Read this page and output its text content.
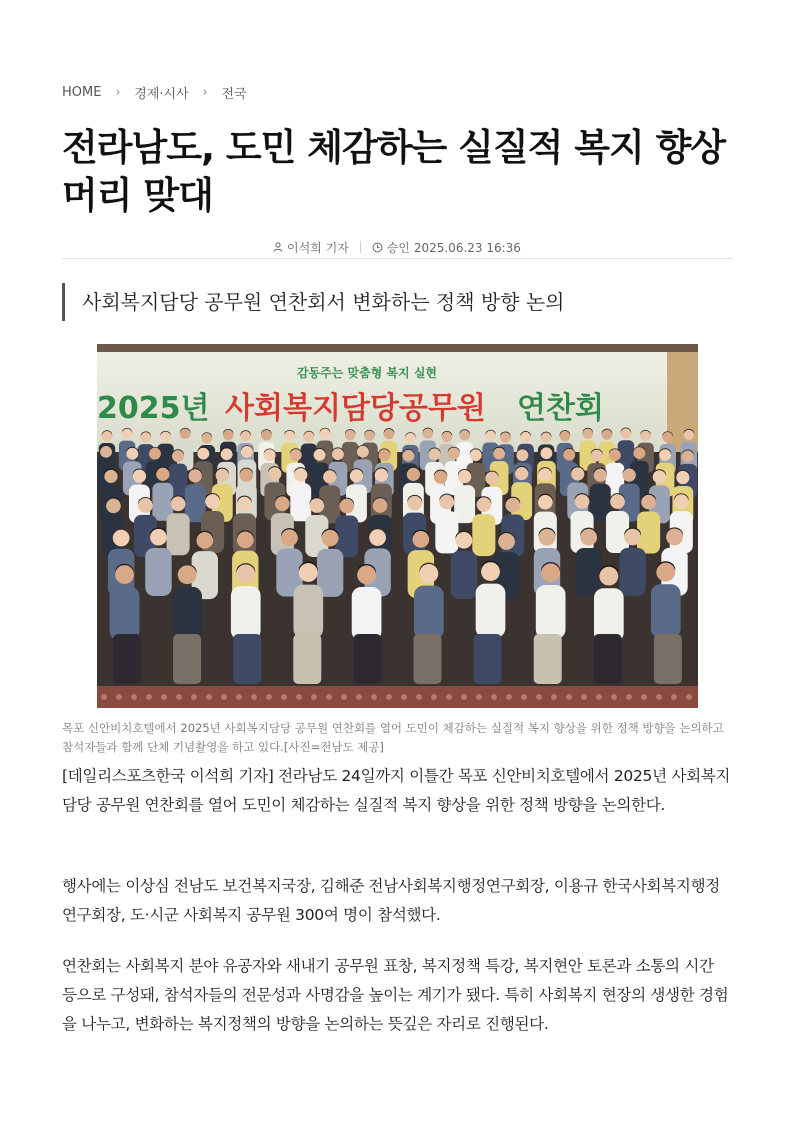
HOME › 경제·시사 › 전국
전라남도, 도민 체감하는 실질적 복지 향상 머리 맞대
이석희 기자	승인 2025.06.23 16:36
사회복지담당 공무원 연찬회서 변화하는 정책 방향 논의
감동주는 맞춤형 복지 실현
2025년 사회복지담당공무원 연찬회
목포 신안비치호텔에서 2025년 사회복지담당 공무원 연찬회를 열어 도민이 체감하는 실질적 복지 향상을 위한 정책 방향을 논의하고 참석자들과 함께 단체 기념촬영을 하고 있다.[사진=전남도 제공]

[데일리스포츠한국 이석희 기자] 전라남도 24일까지 이틀간 목포 신안비치호텔에서 2025년 사회복지담당 공무원 연찬회를 열어 도민이 체감하는 실질적 복지 향상을 위한 정책 방향을 논의한다.

행사에는 이상심 전남도 보건복지국장, 김해준 전남사회복지행정연구회장, 이용규 한국사회복지행정연구회장, 도·시군 사회복지 공무원 300여 명이 참석했다.

연찬회는 사회복지 분야 유공자와 새내기 공무원 표창, 복지정책 특강, 복지현안 토론과 소통의 시간 등으로 구성돼, 참석자들의 전문성과 사명감을 높이는 계기가 됐다. 특히 사회복지 현장의 생생한 경험을 나누고, 변화하는 복지정책의 방향을 논의하는 뜻깊은 자리로 진행된다.
